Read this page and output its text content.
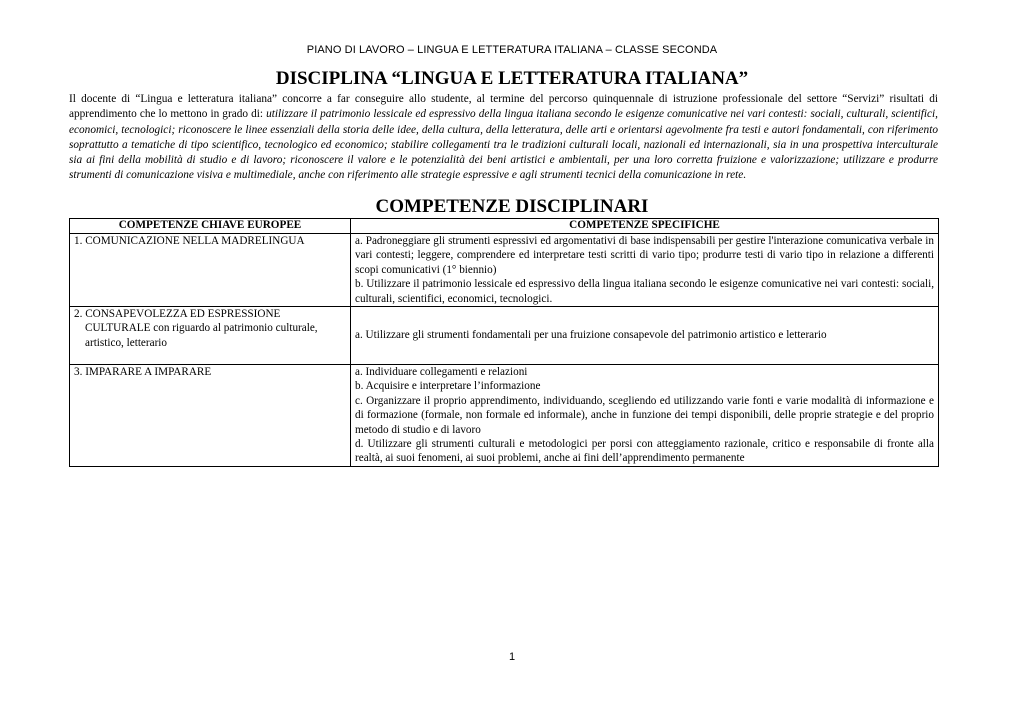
PIANO DI LAVORO – LINGUA E LETTERATURA ITALIANA – CLASSE SECONDA
DISCIPLINA “LINGUA E LETTERATURA ITALIANA”
Il docente di “Lingua e letteratura italiana” concorre a far conseguire allo studente, al termine del percorso quinquennale di istruzione professionale del settore “Servizi” risultati di apprendimento che lo mettono in grado di: utilizzare il patrimonio lessicale ed espressivo della lingua italiana secondo le esigenze comunicative nei vari contesti: sociali, culturali, scientifici, economici, tecnologici; riconoscere le linee essenziali della storia delle idee, della cultura, della letteratura, delle arti e orientarsi agevolmente fra testi e autori fondamentali, con riferimento soprattutto a tematiche di tipo scientifico, tecnologico ed economico; stabilire collegamenti tra le tradizioni culturali locali, nazionali ed internazionali, sia in una prospettiva interculturale sia ai fini della mobilità di studio e di lavoro; riconoscere il valore e le potenzialità dei beni artistici e ambientali, per una loro corretta fruizione e valorizzazione; utilizzare e produrre strumenti di comunicazione visiva e multimediale, anche con riferimento alle strategie espressive e agli strumenti tecnici della comunicazione in rete.
COMPETENZE DISCIPLINARI
COMPETENZE CHIAVE EUROPEE	COMPETENZE SPECIFICHE

1. COMUNICAZIONE NELLA MADRELINGUA	a. Padroneggiare gli strumenti espressivi ed argomentativi di base indispensabili per gestire l'interazione comunicativa verbale in vari contesti; leggere, comprendere ed interpretare testi scritti di vario tipo; produrre testi di vario tipo in relazione a differenti scopi comunicativi (1° biennio)
b. Utilizzare il patrimonio lessicale ed espressivo della lingua italiana secondo le esigenze comunicative nei vari contesti: sociali, culturali, scientifici, economici, tecnologici.

2. CONSAPEVOLEZZA ED ESPRESSIONE CULTURALE con riguardo al patrimonio culturale, artistico, letterario	a. Utilizzare gli strumenti fondamentali per una fruizione consapevole del patrimonio artistico e letterario

3. IMPARARE A IMPARARE	a. Individuare collegamenti e relazioni
b. Acquisire e interpretare l’informazione
c. Organizzare il proprio apprendimento, individuando, scegliendo ed utilizzando varie fonti e varie modalità di informazione e di formazione (formale, non formale ed informale), anche in funzione dei tempi disponibili, delle proprie strategie e del proprio metodo di studio e di lavoro
d. Utilizzare gli strumenti culturali e metodologici per porsi con atteggiamento razionale, critico e responsabile di fronte alla realtà, ai suoi fenomeni, ai suoi problemi, anche ai fini dell’apprendimento permanente
1
